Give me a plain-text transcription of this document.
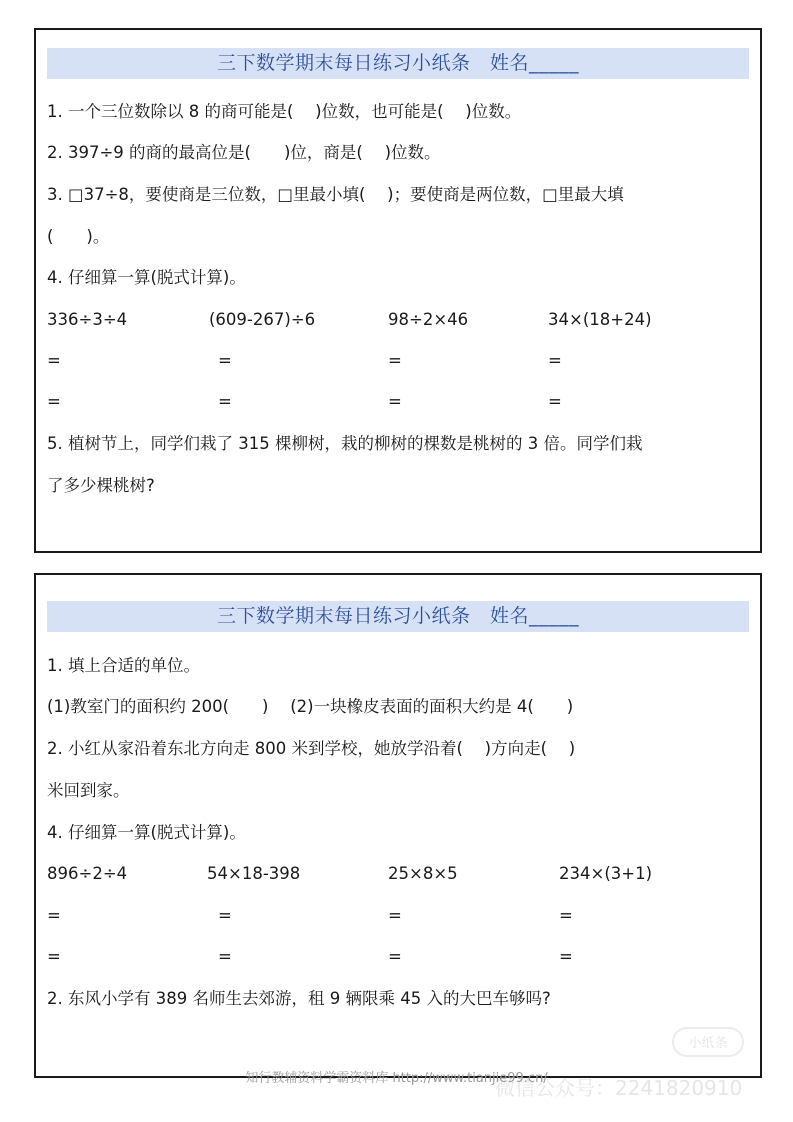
三下数学期末每日练习小纸条　姓名_____
1. 一个三位数除以 8 的商可能是(　 )位数，也可能是(　 )位数。
2. 397÷9 的商的最高位是(　　)位，商是(　 )位数。
3. □37÷8，要使商是三位数，□里最小填(　 )；要使商是两位数，□里最大填
(　　)。
4. 仔细算一算(脱式计算)。
336÷3÷4	(609-267)÷6	98÷2×46	34×(18+24)
=	=	=	=
=	=	=	=
5. 植树节上，同学们栽了 315 棵柳树，栽的柳树的棵数是桃树的 3 倍。同学们栽
了多少棵桃树?
三下数学期末每日练习小纸条　姓名_____
1. 填上合适的单位。
(1)教室门的面积约 200(　　)　 (2)一块橡皮表面的面积大约是 4(　　)
2. 小红从家沿着东北方向走 800 米到学校，她放学沿着(　 )方向走(　 )
米回到家。
4. 仔细算一算(脱式计算)。
896÷2÷4	54×18-398	25×8×5	234×(3+1)
=	=	=	=
=	=	=	=
2. 东风小学有 389 名师生去郊游，租 9 辆限乘 45 入的大巴车够吗?
小纸条
微信公众号：2241820910
知行教辅资料学霸资料库 http://www.tianjie99.cn/
